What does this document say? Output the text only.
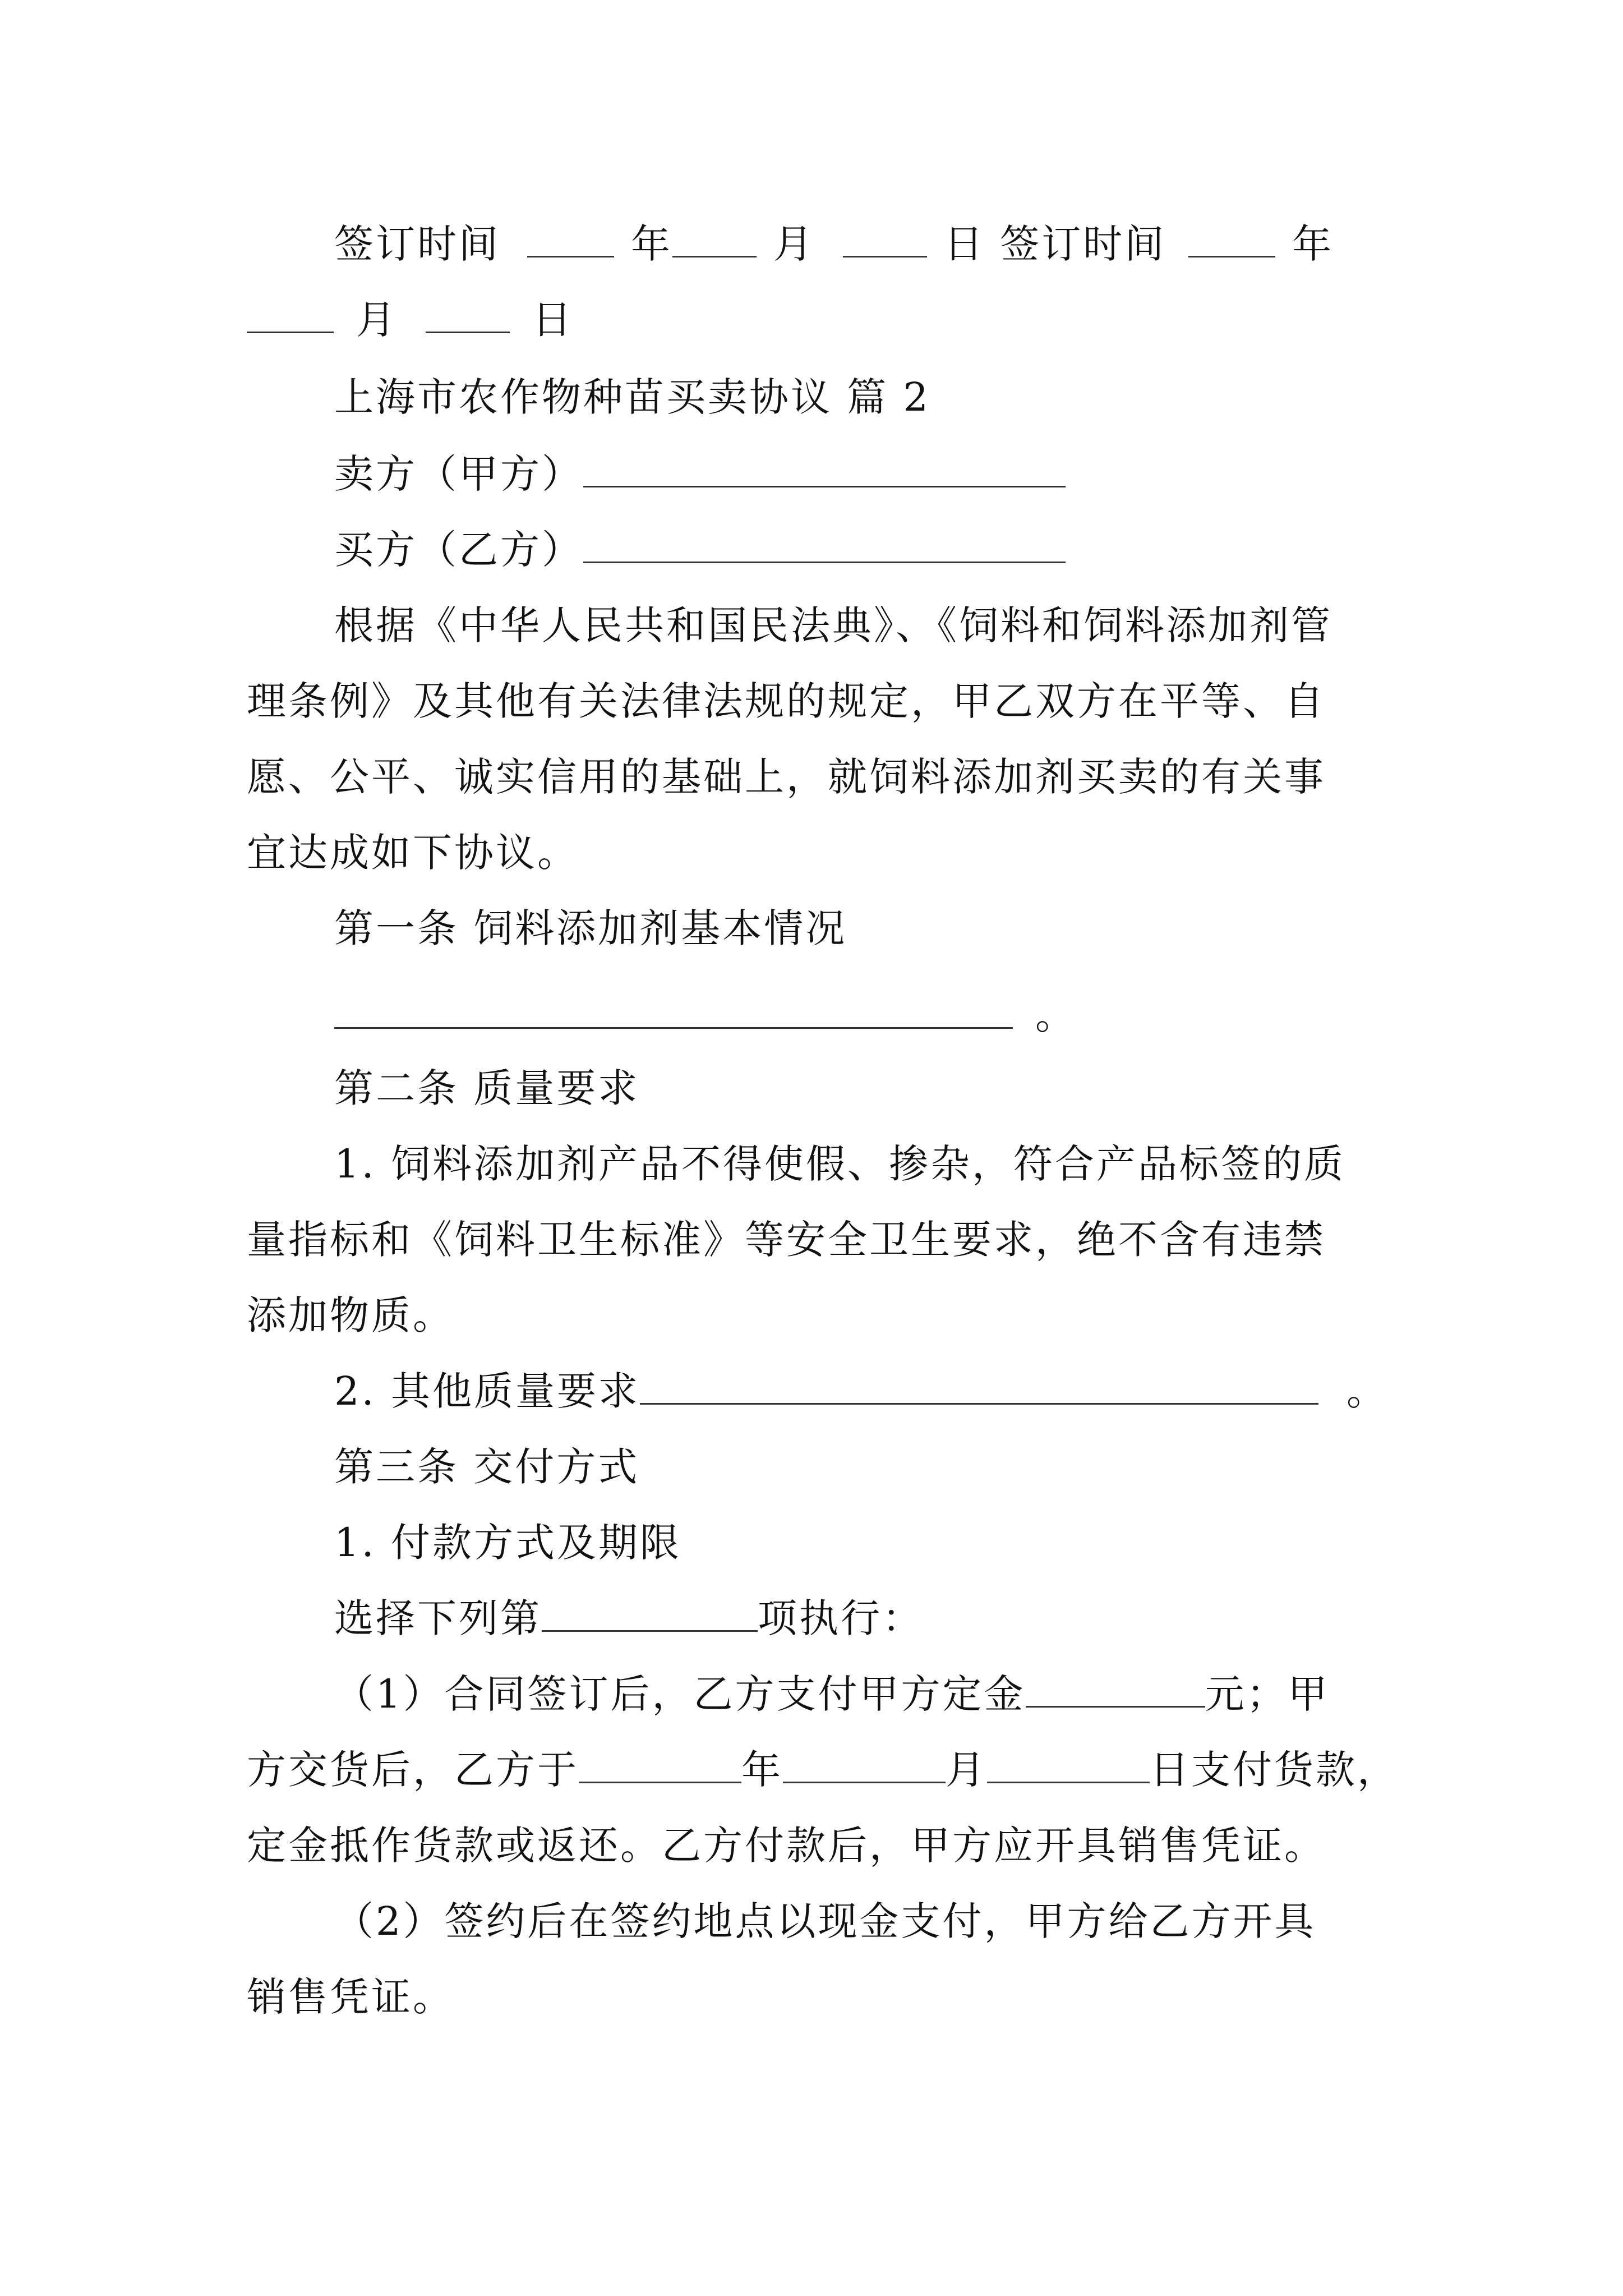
签订时间	年	月	日 签订时间	年
月	日
上海市农作物种苗买卖协议 篇 2
卖方（甲方）
买方（乙方）
根据《中华人民共和国民法典》、《饲料和饲料添加剂管
理条例》及其他有关法律法规的规定，甲乙双方在平等、自
愿、公平、诚实信用的基础上，就饲料添加剂买卖的有关事
宜达成如下协议。
第一条 饲料添加剂基本情况
。
第二条 质量要求
1. 饲料添加剂产品不得使假、掺杂，符合产品标签的质
量指标和《饲料卫生标准》等安全卫生要求，绝不含有违禁
添加物质。
2. 其他质量要求	。
第三条 交付方式
1. 付款方式及期限
选择下列第	项执行：
（1）合同签订后，乙方支付甲方定金	元；甲
方交货后，乙方于	年	月	日支付货款，
定金抵作货款或返还。乙方付款后，甲方应开具销售凭证。
（2）签约后在签约地点以现金支付，甲方给乙方开具
销售凭证。
